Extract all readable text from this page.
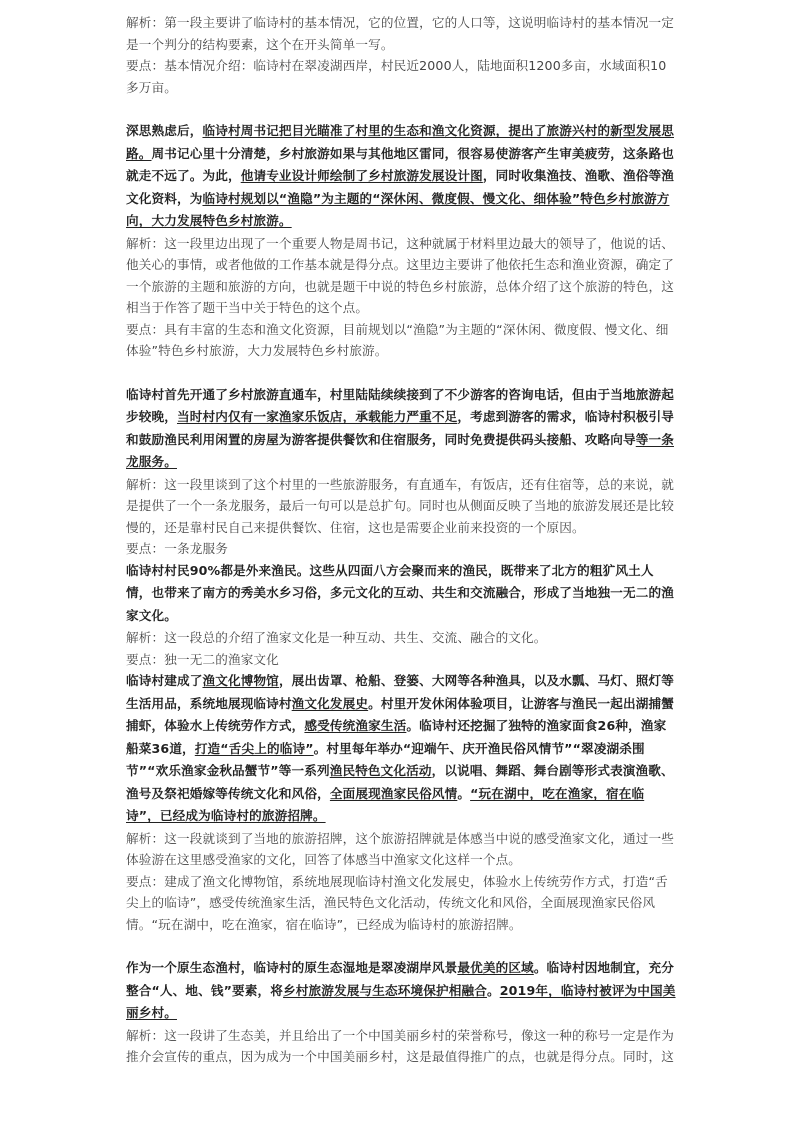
解析：第一段主要讲了临诗村的基本情况，它的位置，它的人口等，这说明临诗村的基本情况一定是一个判分的结构要素，这个在开头简单一写。

要点：基本情况介绍：临诗村在翠凌湖西岸，村民近2000人，陆地面积1200多亩，水域面积10多万亩。

深思熟虑后，临诗村周书记把目光瞄准了村里的生态和渔文化资源，提出了旅游兴村的新型发展思路。周书记心里十分清楚，乡村旅游如果与其他地区雷同，很容易使游客产生审美疲劳，这条路也就走不远了。为此，他请专业设计师绘制了乡村旅游发展设计图，同时收集渔技、渔歌、渔俗等渔文化资料，为临诗村规划以“渔隐”为主题的“深休闲、微度假、慢文化、细体验”特色乡村旅游方向，大力发展特色乡村旅游。

解析：这一段里边出现了一个重要人物是周书记，这种就属于材料里边最大的领导了，他说的话、他关心的事情，或者他做的工作基本就是得分点。这里边主要讲了他依托生态和渔业资源，确定了一个旅游的主题和旅游的方向，也就是题干中说的特色乡村旅游，总体介绍了这个旅游的特色，这相当于作答了题干当中关于特色的这个点。

要点：具有丰富的生态和渔文化资源，目前规划以“渔隐”为主题的“深休闲、微度假、慢文化、细体验”特色乡村旅游，大力发展特色乡村旅游。

临诗村首先开通了乡村旅游直通车，村里陆陆续续接到了不少游客的咨询电话，但由于当地旅游起步较晚，当时村内仅有一家渔家乐饭店，承载能力严重不足，考虑到游客的需求，临诗村积极引导和鼓励渔民利用闲置的房屋为游客提供餐饮和住宿服务，同时免费提供码头接船、攻略向导等一条龙服务。

解析：这一段里谈到了这个村里的一些旅游服务，有直通车，有饭店，还有住宿等，总的来说，就是提供了一个一条龙服务，最后一句可以是总扩句。同时也从侧面反映了当地的旅游发展还是比较慢的，还是靠村民自己来提供餐饮、住宿，这也是需要企业前来投资的一个原因。

要点：一条龙服务

临诗村村民90%都是外来渔民。这些从四面八方会聚而来的渔民，既带来了北方的粗犷风土人情，也带来了南方的秀美水乡习俗，多元文化的互动、共生和交流融合，形成了当地独一无二的渔家文化。

解析：这一段总的介绍了渔家文化是一种互动、共生、交流、融合的文化。

要点：独一无二的渔家文化

临诗村建成了渔文化博物馆，展出齿罩、枪船、登篓、大网等各种渔具，以及水瓢、马灯、照灯等生活用品，系统地展现临诗村渔文化发展史。村里开发休闲体验项目，让游客与渔民一起出湖捕蟹捕虾，体验水上传统劳作方式，感受传统渔家生活。临诗村还挖掘了独特的渔家面食26种，渔家船菜36道，打造“舌尖上的临诗”。村里每年举办“迎端午、庆开渔民俗风情节”“翠凌湖杀围节”“欢乐渔家金秋品蟹节”等一系列渔民特色文化活动，以说唱、舞蹈、舞台剧等形式表演渔歌、渔号及祭祀婚嫁等传统文化和风俗，全面展现渔家民俗风情。“玩在湖中，吃在渔家，宿在临诗”，已经成为临诗村的旅游招牌。

解析：这一段就谈到了当地的旅游招牌，这个旅游招牌就是体感当中说的感受渔家文化，通过一些体验游在这里感受渔家的文化，回答了体感当中渔家文化这样一个点。

要点：建成了渔文化博物馆，系统地展现临诗村渔文化发展史，体验水上传统劳作方式，打造“舌尖上的临诗”，感受传统渔家生活，渔民特色文化活动，传统文化和风俗，全面展现渔家民俗风情。“玩在湖中，吃在渔家，宿在临诗”，已经成为临诗村的旅游招牌。

作为一个原生态渔村，临诗村的原生态湿地是翠凌湖岸风景最优美的区域。临诗村因地制宜，充分整合“人、地、钱”要素，将乡村旅游发展与生态环境保护相融合。2019年，临诗村被评为中国美丽乡村。

解析：这一段讲了生态美，并且给出了一个中国美丽乡村的荣誉称号，像这一种的称号一定是作为推介会宣传的重点，因为成为一个中国美丽乡村，这是最值得推广的点，也就是得分点。同时，这
